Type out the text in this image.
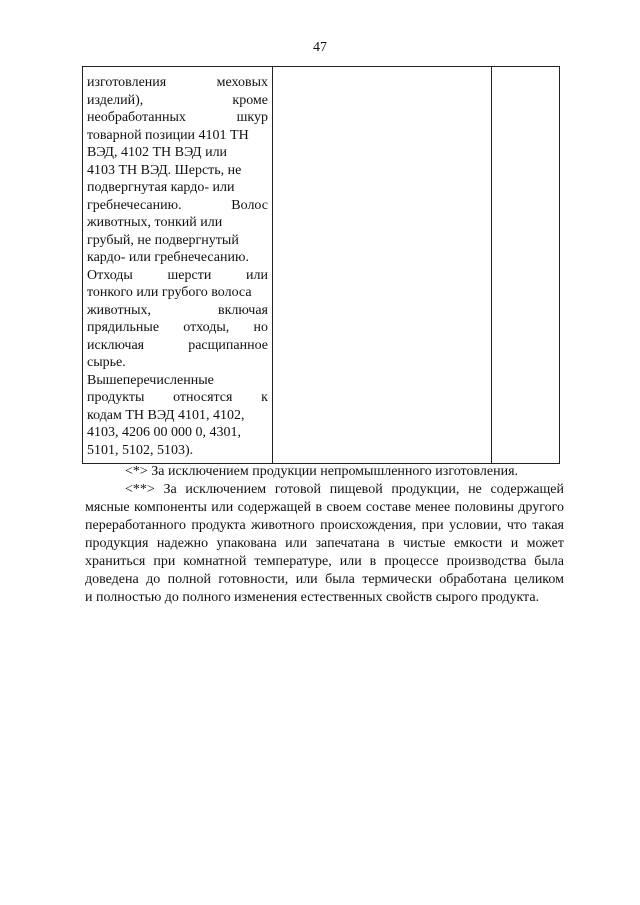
47
изготовления	меховых
изделий),	кроме
необработанных	шкур
товарной позиции 4101 ТН
ВЭД, 4102 ТН ВЭД или
4103 ТН ВЭД. Шерсть, не
подвергнутая кардо- или
гребнечесанию.	Волос
животных, тонкий или
грубый, не подвергнутый
кардо- или гребнечесанию.
Отходы шерсти или
тонкого или грубого волоса
животных,	включая
прядильные отходы, но
исключая	расщипанное
сырье.
Вышеперечисленные
продукты относятся к
кодам ТН ВЭД 4101, 4102,
4103, 4206 00 000 0, 4301,
5101, 5102, 5103).

<*> За исключением продукции непромышленного изготовления.
<**> За исключением готовой пищевой продукции, не содержащей
мясные компоненты или содержащей в своем составе менее половины другого
переработанного продукта животного происхождения, при условии, что такая
продукция надежно упакована или запечатана в чистые емкости и может
храниться при комнатной температуре, или в процессе производства была
доведена до полной готовности, или была термически обработана целиком
и полностью до полного изменения естественных свойств сырого продукта.
